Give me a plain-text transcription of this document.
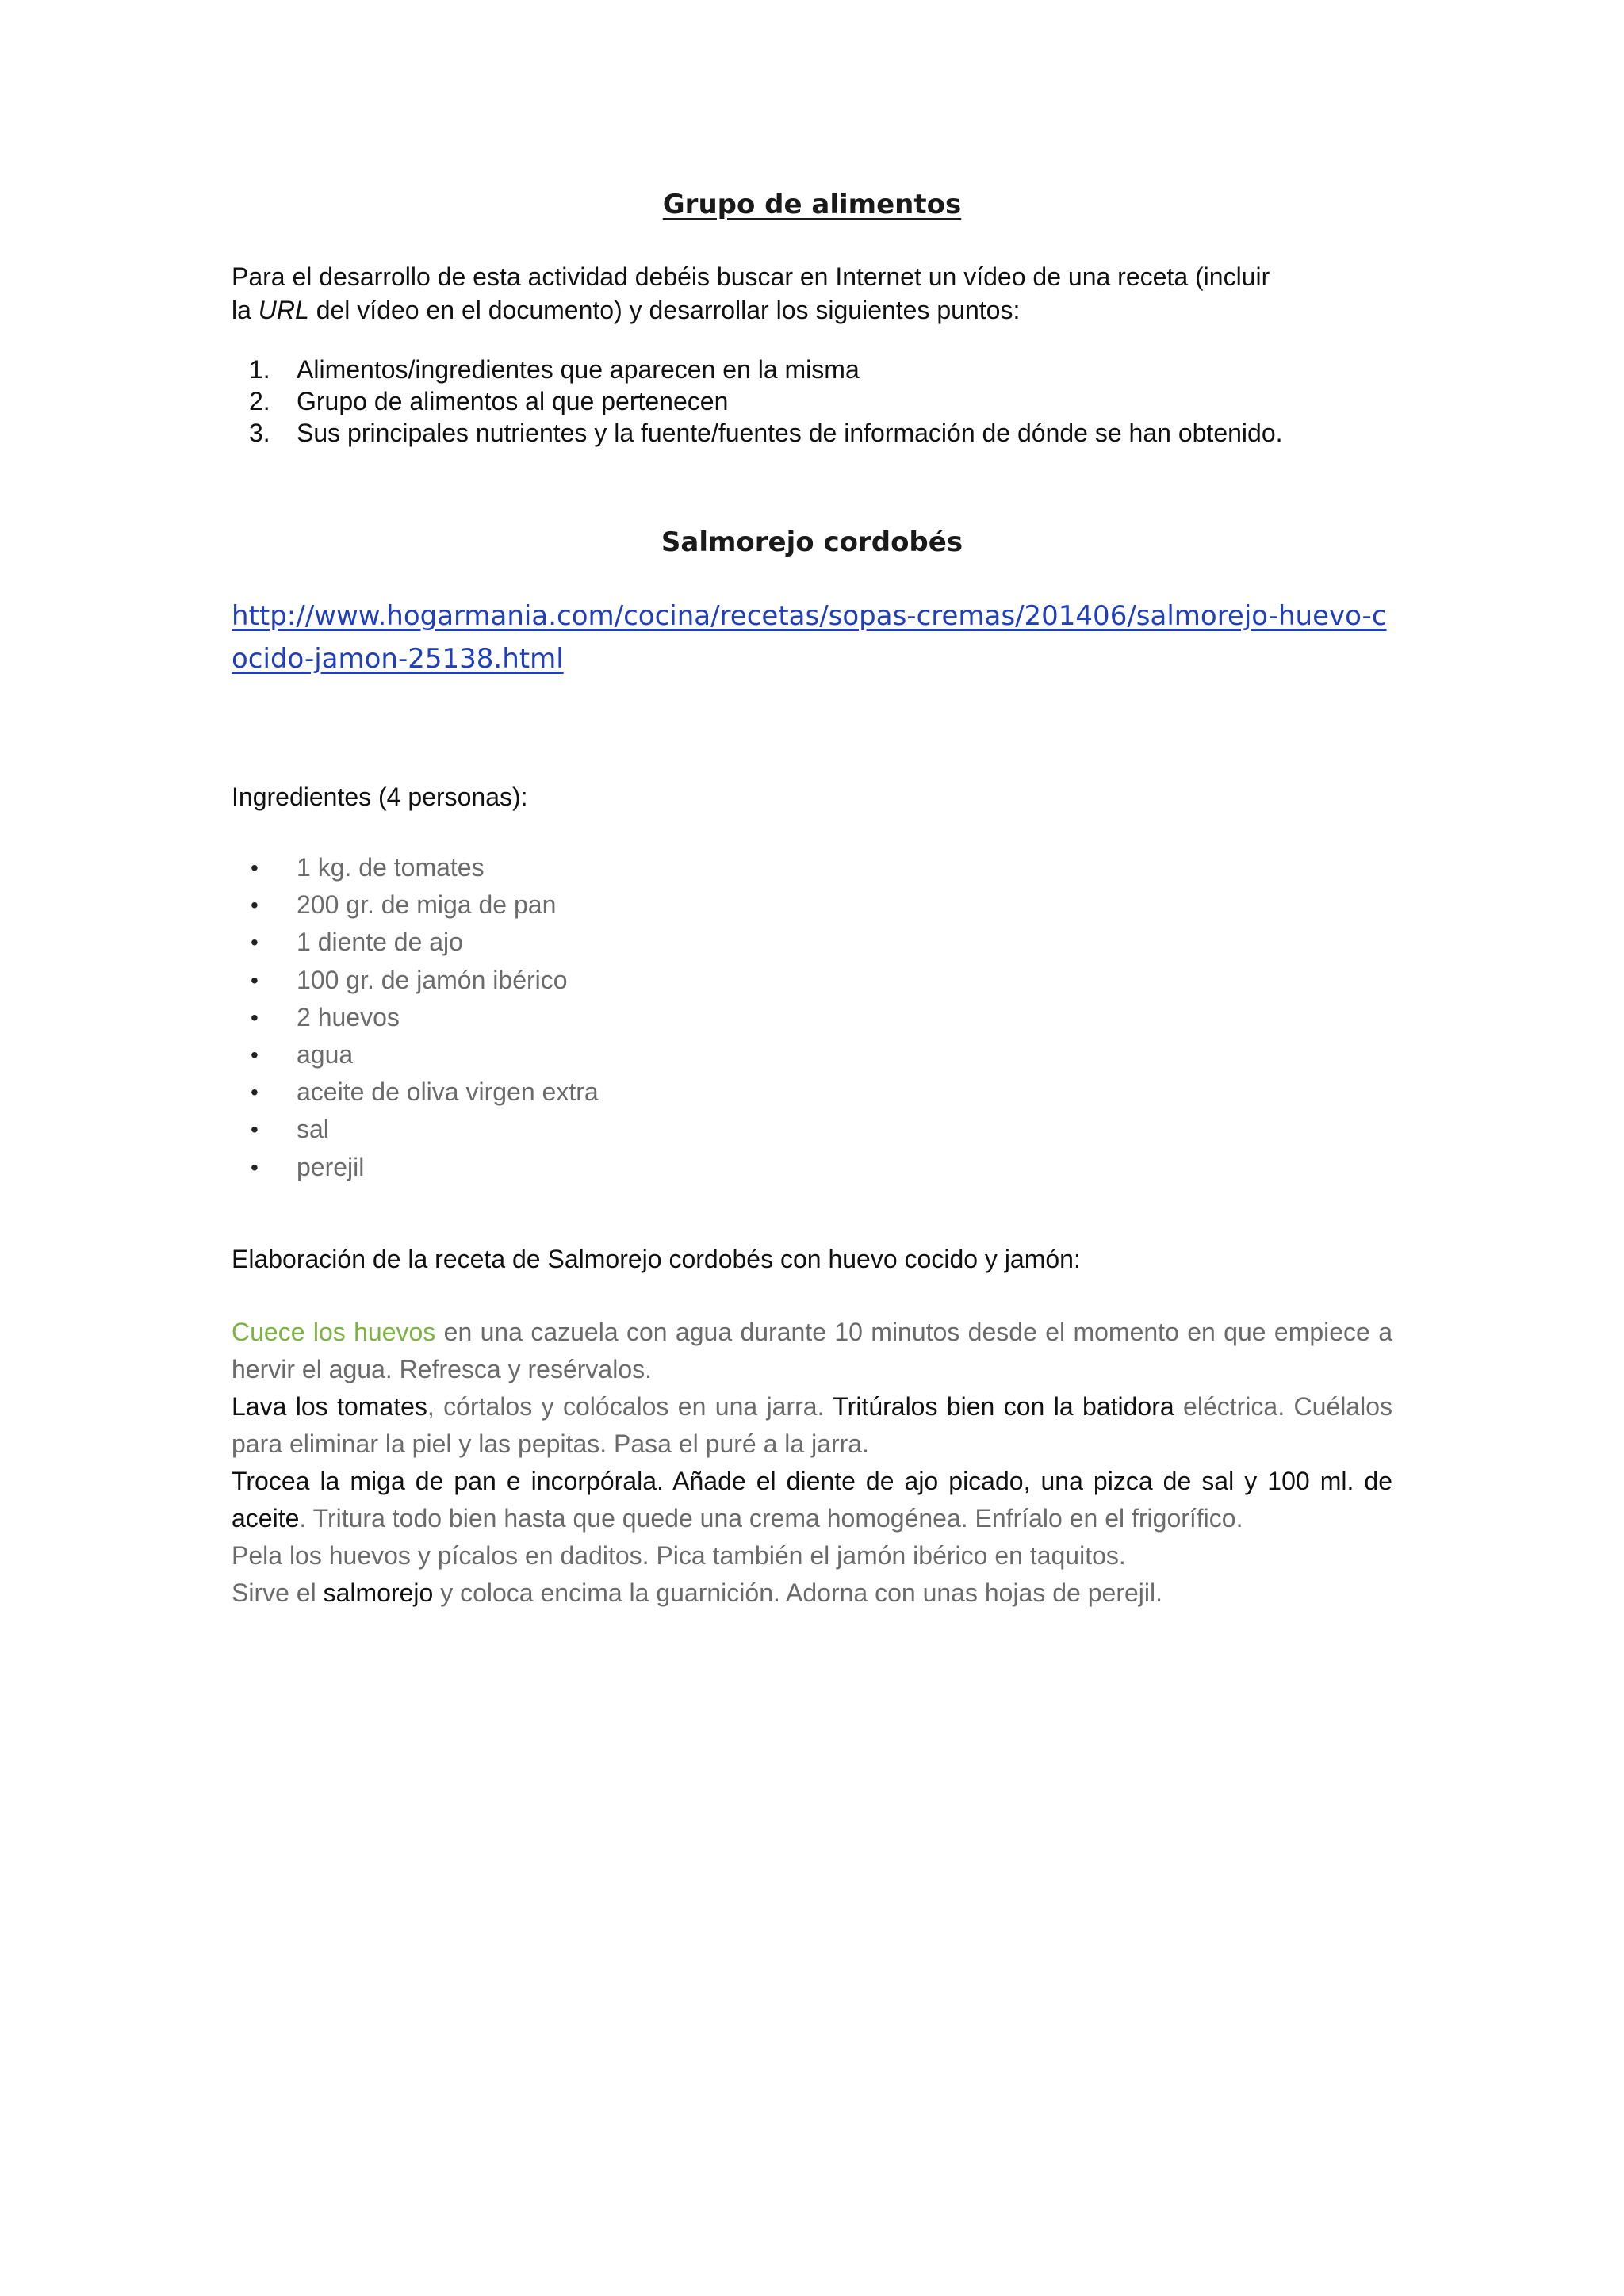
Grupo de alimentos
Para el desarrollo de esta actividad debéis buscar en Internet un vídeo de una receta (incluir
la URL del vídeo en el documento) y desarrollar los siguientes puntos:
1. Alimentos/ingredientes que aparecen en la misma
2. Grupo de alimentos al que pertenecen
3. Sus principales nutrientes y la fuente/fuentes de información de dónde se han obtenido.
Salmorejo cordobés
http://www.hogarmania.com/cocina/recetas/sopas-cremas/201406/salmorejo-huevo-cocido-jamon-25138.html
Ingredientes (4 personas):
• 1 kg. de tomates
• 200 gr. de miga de pan
• 1 diente de ajo
• 100 gr. de jamón ibérico
• 2 huevos
• agua
• aceite de oliva virgen extra
• sal
• perejil
Elaboración de la receta de Salmorejo cordobés con huevo cocido y jamón:

Cuece los huevos en una cazuela con agua durante 10 minutos desde el momento en que empiece a hervir el agua. Refresca y resérvalos.

Lava los tomates, córtalos y colócalos en una jarra. Tritúralos bien con la batidora eléctrica. Cuélalos para eliminar la piel y las pepitas. Pasa el puré a la jarra.

Trocea la miga de pan e incorpórala. Añade el diente de ajo picado, una pizca de sal y 100 ml. de aceite. Tritura todo bien hasta que quede una crema homogénea. Enfríalo en el frigorífico.

Pela los huevos y pícalos en daditos. Pica también el jamón ibérico en taquitos.

Sirve el salmorejo y coloca encima la guarnición. Adorna con unas hojas de perejil.
